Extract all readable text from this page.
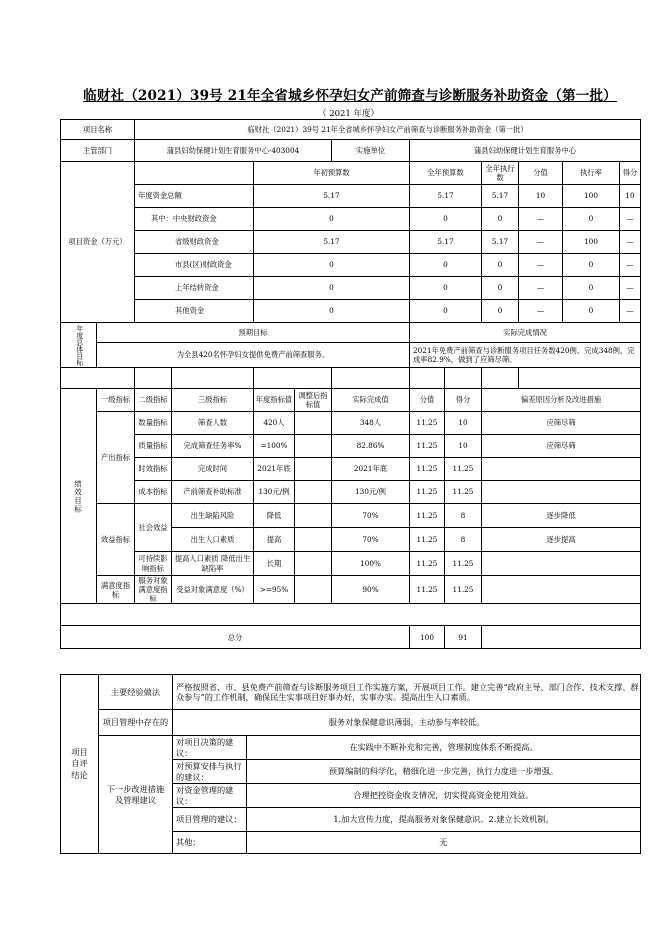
临财社（2021）39号 21年全省城乡怀孕妇女产前筛查与诊断服务补助资金（第一批）
（ 2021 年度）
项目名称		临财社（2021）39号 21年全省城乡怀孕妇女产前筛查与诊断服务补助资金（第一批）										
主管部门		蒲县妇幼保健计划生育服务中心-403004				实施单位	蒲县妇幼保健计划生育服务中心					
项目资金（万元）				年初预算数			全年预算数		全年执行数	分值	执行率	得分
		年度资金总额		5.17			5.17		5.17	10	100	10
		其中：中央财政资金		0			0		0	—	0	—
		省级财政资金		5.17			5.17		5.17	—	100	—
		市县(区)财政资金		0			0		0	—	0	—
		上年结转资金		0			0		0	—	0	—
		其他资金		0			0		0	—	0	—
年度总体目标	预期目标						实际完成情况					
	为全县420名怀孕妇女提供免费产前筛查服务。						2021年免费产前筛查与诊断服务项目任务数420例，完成348例，完成率82.9%，做到了应筛尽筛。					

绩效目标	一级指标	二级指标	三级指标	年度指标值	调整后指标值	实际完成值	分值	得分	偏差原因分析及改进措施			
	产出指标	数量指标	筛查人数	420人		348人	11.25	10	应筛尽筛			
		质量指标	完成筛查任务率%	=100%		82.86%	11.25	10	应筛尽筛			
		时效指标	完成时间	2021年底		2021年底	11.25	11.25				
		成本指标	产前筛查补助标准	130元/例		130元/例	11.25	11.25				
	效益指标	社会效益	出生缺陷风险	降低		70%	11.25	8	逐步降低			
			出生人口素质	提高		70%	11.25	8	逐步提高			
		可持续影响指标	提高人口素质 降低出生缺陷率	长期		100%	11.25	11.25				
	满意度指标	服务对象满意度指标	受益对象满意度（%）	>=95%		90%	11.25	11.25				

总分							100	91				
项目自评结论	主要经验做法	严格按照省、市、县免费产前筛查与诊断服务项目工作实施方案，开展项目工作。建立完善“政府主导、部门合作、技术支撑、群众参与”的工作机制，确保民生实事项目好事办好，实事办实。提高出生人口素质。	
	项目管理中存在的	服务对象保健意识薄弱，主动参与率较低。	
	下一步改进措施及管理建议	对项目决策的建议：	在实践中不断补充和完善，管理制度体系不断提高。
		对预算安排与执行的建议：	预算编制的科学化，精细化进一步完善，执行力度进一步增强。
		对资金管理的建议：	合理把控资金收支情况，切实提高资金使用效益。
		项目管理的建议：	1.加大宣传力度，提高服务对象保健意识。2.建立长效机制。
		其他：	无
